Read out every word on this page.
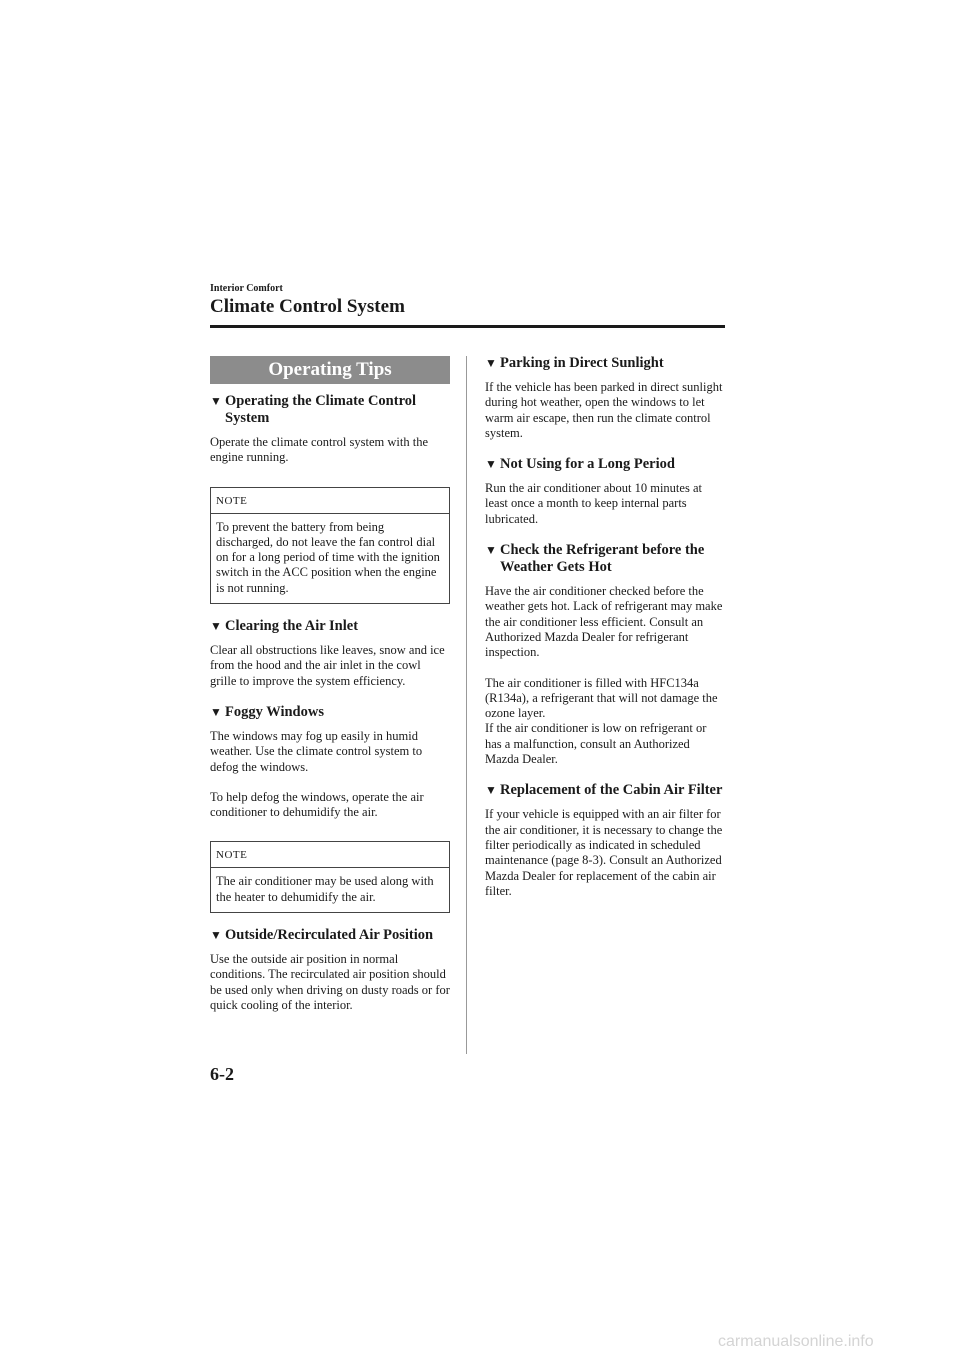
Interior Comfort
Climate Control System
Operating Tips
▼ Operating the Climate Control System
Operate the climate control system with the engine running.
NOTE
To prevent the battery from being discharged, do not leave the fan control dial on for a long period of time with the ignition switch in the ACC position when the engine is not running.
▼ Clearing the Air Inlet
Clear all obstructions like leaves, snow and ice from the hood and the air inlet in the cowl grille to improve the system efficiency.
▼ Foggy Windows
The windows may fog up easily in humid weather. Use the climate control system to defog the windows.
To help defog the windows, operate the air conditioner to dehumidify the air.
NOTE
The air conditioner may be used along with the heater to dehumidify the air.
▼ Outside/Recirculated Air Position
Use the outside air position in normal conditions. The recirculated air position should be used only when driving on dusty roads or for quick cooling of the interior.
▼ Parking in Direct Sunlight
If the vehicle has been parked in direct sunlight during hot weather, open the windows to let warm air escape, then run the climate control system.
▼ Not Using for a Long Period
Run the air conditioner about 10 minutes at least once a month to keep internal parts lubricated.
▼ Check the Refrigerant before the Weather Gets Hot
Have the air conditioner checked before the weather gets hot. Lack of refrigerant may make the air conditioner less efficient. Consult an Authorized Mazda Dealer for refrigerant inspection.
The air conditioner is filled with HFC134a (R134a), a refrigerant that will not damage the ozone layer.
If the air conditioner is low on refrigerant or has a malfunction, consult an Authorized Mazda Dealer.
▼ Replacement of the Cabin Air Filter
If your vehicle is equipped with an air filter for the air conditioner, it is necessary to change the filter periodically as indicated in scheduled maintenance (page 8-3). Consult an Authorized Mazda Dealer for replacement of the cabin air filter.
6-2
carmanualsonline.info
